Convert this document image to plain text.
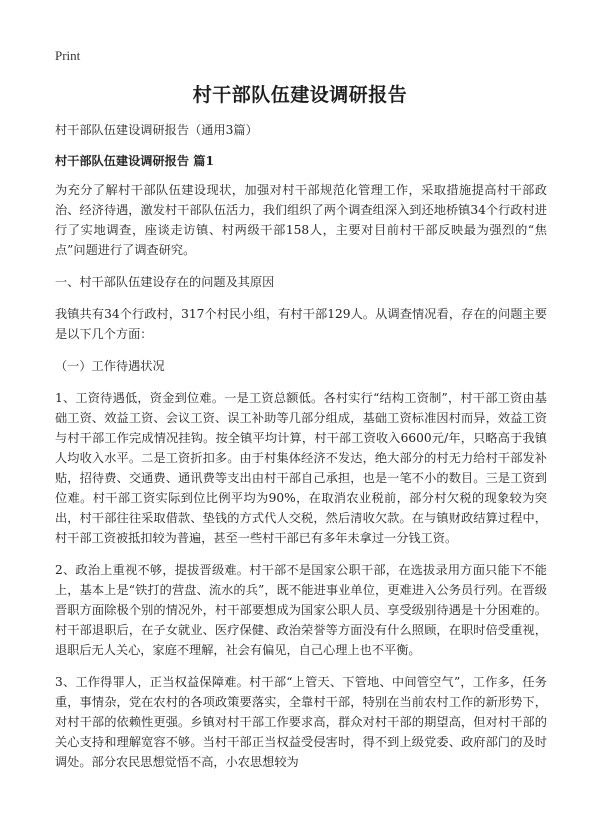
Print
村干部队伍建设调研报告

村干部队伍建设调研报告（通用3篇）

村干部队伍建设调研报告 篇1

为充分了解村干部队伍建设现状，加强对村干部规范化管理工作，采取措施提高村干部政治、经济待遇，激发村干部队伍活力，我们组织了两个调查组深入到还地桥镇34个行政村进行了实地调查，座谈走访镇、村两级干部158人，主要对目前村干部反映最为强烈的“焦点”问题进行了调查研究。

一、村干部队伍建设存在的问题及其原因

我镇共有34个行政村，317个村民小组，有村干部129人。从调查情况看，存在的问题主要是以下几个方面：

（一）工作待遇状况

1、工资待遇低，资金到位难。一是工资总额低。各村实行“结构工资制”，村干部工资由基础工资、效益工资、会议工资、误工补助等几部分组成，基础工资标准因村而异，效益工资与村干部工作完成情况挂钩。按全镇平均计算，村干部工资收入6600元/年，只略高于我镇人均收入水平。二是工资折扣多。由于村集体经济不发达，绝大部分的村无力给村干部发补贴，招待费、交通费、通讯费等支出由村干部自己承担，也是一笔不小的数目。三是工资到位难。村干部工资实际到位比例平均为90%，在取消农业税前，部分村欠税的现象较为突出，村干部往往采取借款、垫钱的方式代人交税，然后清收欠款。在与镇财政结算过程中，村干部工资被抵扣较为普遍，甚至一些村干部已有多年未拿过一分钱工资。

2、政治上重视不够，提拔晋级难。村干部不是国家公职干部，在选拔录用方面只能下不能上，基本上是“铁打的营盘、流水的兵”，既不能进事业单位，更难进入公务员行列。在晋级晋职方面除极个别的情况外，村干部要想成为国家公职人员、享受级别待遇是十分困难的。村干部退职后，在子女就业、医疗保健、政治荣誉等方面没有什么照顾，在职时倍受重视，退职后无人关心，家庭不理解，社会有偏见，自己心理上也不平衡。

3、工作得罪人，正当权益保障难。村干部“上管天、下管地、中间管空气”，工作多，任务重，事情杂，党在农村的各项政策要落实，全靠村干部，特别在当前农村工作的新形势下，对村干部的依赖性更强。乡镇对村干部工作要求高，群众对村干部的期望高，但对村干部的关心支持和理解宽容不够。当村干部正当权益受侵害时，得不到上级党委、政府部门的及时调处。部分农民思想觉悟不高，小农思想较为
